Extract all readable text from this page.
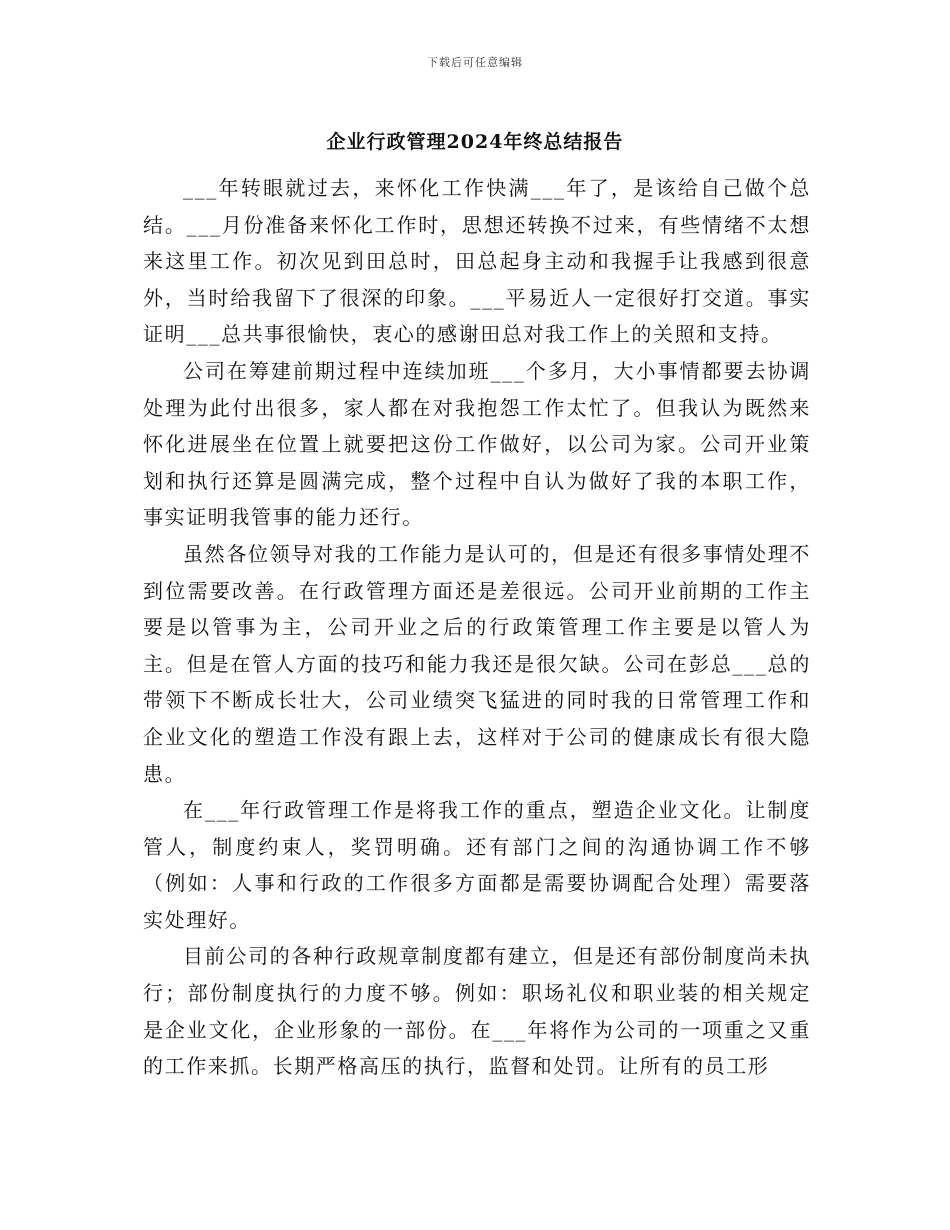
下载后可任意编辑
企业行政管理2024年终总结报告

___年转眼就过去，来怀化工作快满___年了，是该给自己做个总结。___月份准备来怀化工作时，思想还转换不过来，有些情绪不太想来这里工作。初次见到田总时，田总起身主动和我握手让我感到很意外，当时给我留下了很深的印象。___平易近人一定很好打交道。事实证明___总共事很愉快，衷心的感谢田总对我工作上的关照和支持。

公司在筹建前期过程中连续加班___个多月，大小事情都要去协调处理为此付出很多，家人都在对我抱怨工作太忙了。但我认为既然来怀化进展坐在位置上就要把这份工作做好，以公司为家。公司开业策划和执行还算是圆满完成，整个过程中自认为做好了我的本职工作，事实证明我管事的能力还行。

虽然各位领导对我的工作能力是认可的，但是还有很多事情处理不到位需要改善。在行政管理方面还是差很远。公司开业前期的工作主要是以管事为主，公司开业之后的行政策管理工作主要是以管人为主。但是在管人方面的技巧和能力我还是很欠缺。公司在彭总___总的带领下不断成长壮大，公司业绩突飞猛进的同时我的日常管理工作和企业文化的塑造工作没有跟上去，这样对于公司的健康成长有很大隐患。

在___年行政管理工作是将我工作的重点，塑造企业文化。让制度管人，制度约束人，奖罚明确。还有部门之间的沟通协调工作不够（例如：人事和行政的工作很多方面都是需要协调配合处理）需要落实处理好。

目前公司的各种行政规章制度都有建立，但是还有部份制度尚未执行；部份制度执行的力度不够。例如：职场礼仪和职业装的相关规定是企业文化，企业形象的一部份。在___年将作为公司的一项重之又重的工作来抓。长期严格高压的执行，监督和处罚。让所有的员工形
